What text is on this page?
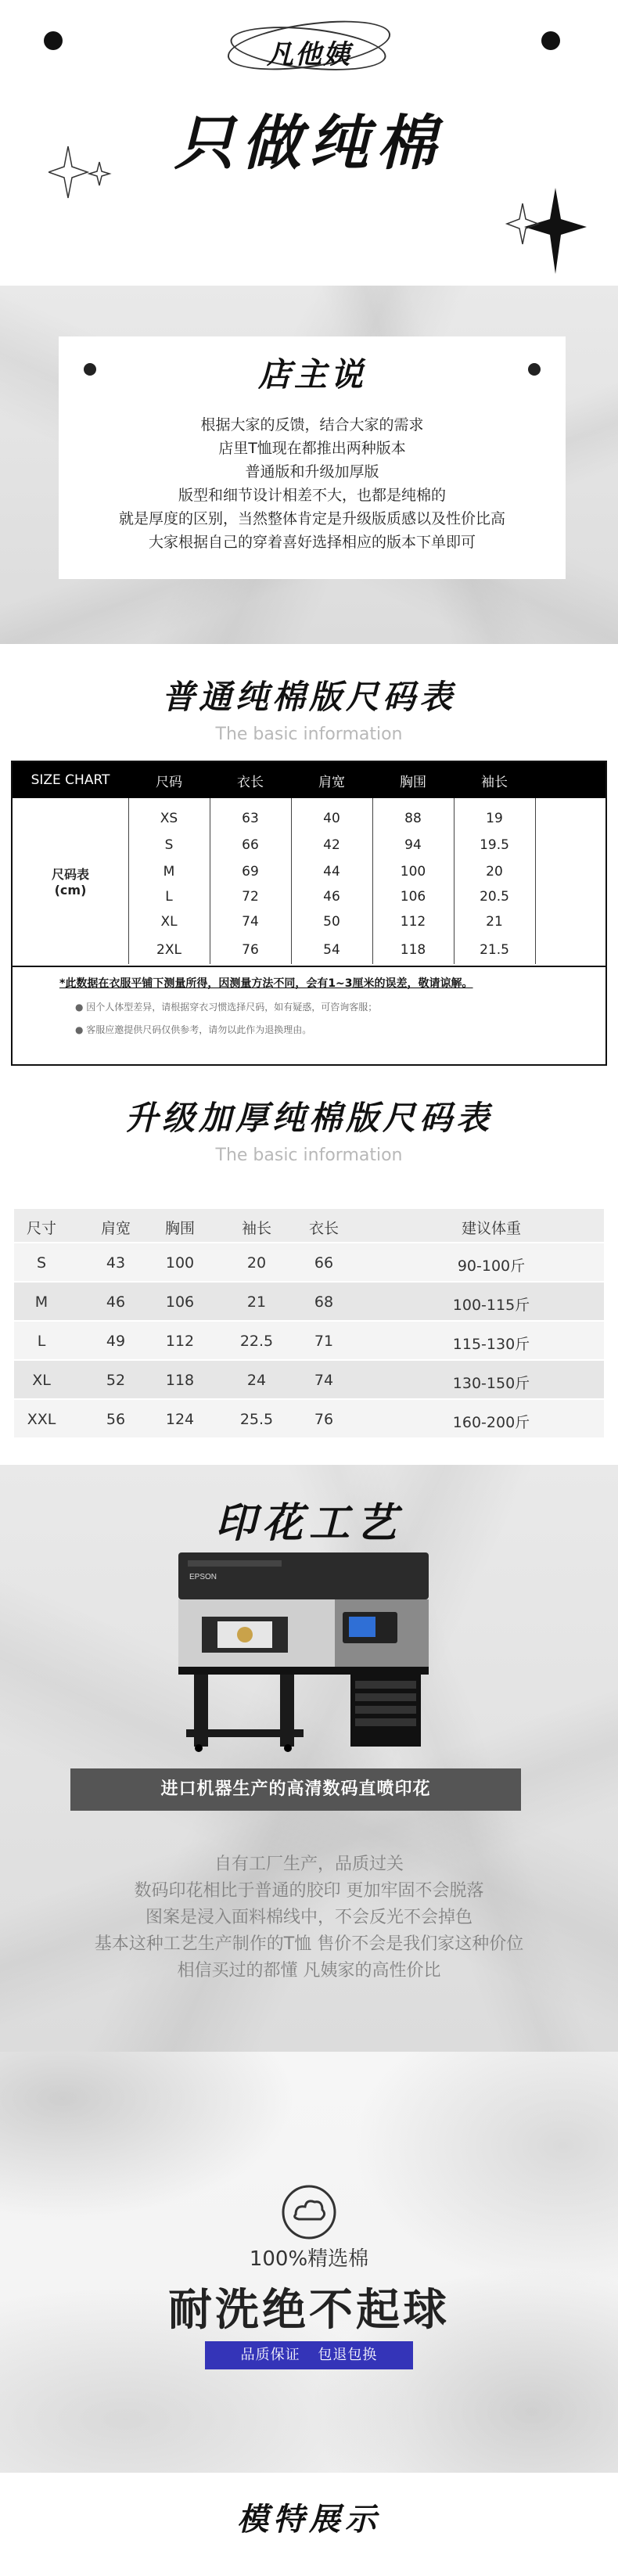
凡他姨
只做纯棉
店主说
根据大家的反馈，结合大家的需求
店里T恤现在都推出两种版本
普通版和升级加厚版
版型和细节设计相差不大，也都是纯棉的
就是厚度的区别，当然整体肯定是升级版质感以及性价比高
大家根据自己的穿着喜好选择相应的版本下单即可
普通纯棉版尺码表
The basic information
SIZE CHART	尺码	衣长	肩宽	胸围	袖长
尺码表
(cm)
XS	63	40	88	19
S	66	42	94	19.5
M	69	44	100	20
L	72	46	106	20.5
XL	74	50	112	21
2XL	76	54	118	21.5
*此数据在衣服平铺下测量所得，因测量方法不同，会有1~3厘米的误差，敬请谅解。
● 因个人体型差异，请根据穿衣习惯选择尺码，如有疑惑，可咨询客服；
● 客服应邀提供尺码仅供参考，请勿以此作为退换理由。
升级加厚纯棉版尺码表
The basic information
尺寸	肩宽	胸围	袖长	衣长	建议体重
S	43	100	20	66	90-100斤
M	46	106	21	68	100-115斤
L	49	112	22.5	71	115-130斤
XL	52	118	24	74	130-150斤
XXL	56	124	25.5	76	160-200斤
印花工艺
EPSON
进口机器生产的高清数码直喷印花
自有工厂生产，品质过关
数码印花相比于普通的胶印 更加牢固不会脱落
图案是浸入面料棉线中，不会反光不会掉色
基本这种工艺生产制作的T恤 售价不会是我们家这种价位
相信买过的都懂 凡姨家的高性价比
100%精选棉
耐洗绝不起球
品质保证 包退包换
模特展示
